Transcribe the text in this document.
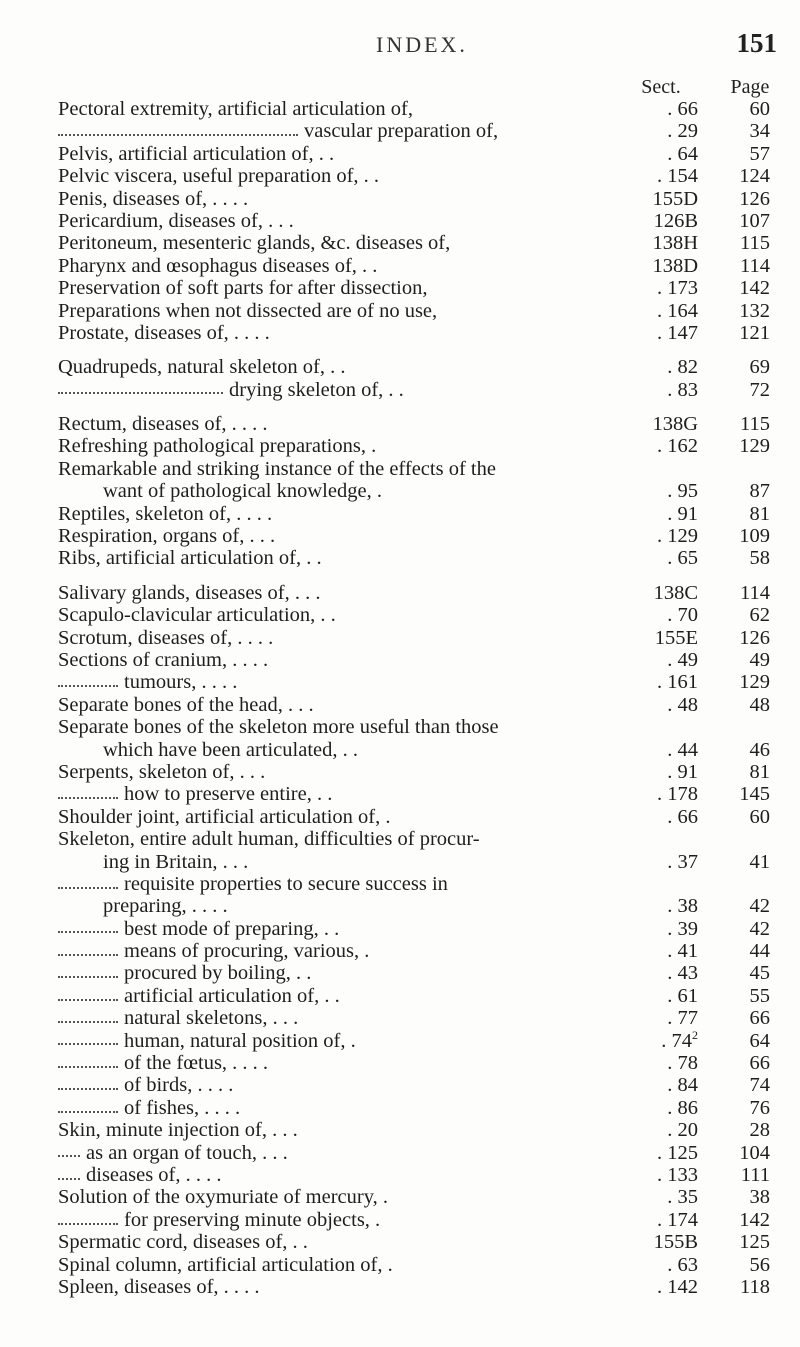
INDEX.	151
Sect.	Page
Pectoral extremity, artificial articulation of,	. 66	60
vascular preparation of,	. 29	34
Pelvis, artificial articulation of, . .	. 64	57
Pelvic viscera, useful preparation of, . .	. 154	124
Penis, diseases of, . . . .	155D	126
Pericardium, diseases of, . . .	126B	107
Peritoneum, mesenteric glands, &c. diseases of,	138H	115
Pharynx and œsophagus diseases of, . .	138D	114
Preservation of soft parts for after dissection,	. 173	142
Preparations when not dissected are of no use,	. 164	132
Prostate, diseases of, . . . .	. 147	121
Quadrupeds, natural skeleton of, . .	. 82	69
drying skeleton of, . .	. 83	72
Rectum, diseases of, . . . .	138G	115
Refreshing pathological preparations, .	. 162	129
Remarkable and striking instance of the effects of the
want of pathological knowledge, .	. 95	87
Reptiles, skeleton of, . . . .	. 91	81
Respiration, organs of, . . .	. 129	109
Ribs, artificial articulation of, . .	. 65	58
Salivary glands, diseases of, . . .	138C	114
Scapulo-clavicular articulation, . .	. 70	62
Scrotum, diseases of, . . . .	155E	126
Sections of cranium, . . . .	. 49	49
tumours, . . . .	. 161	129
Separate bones of the head, . . .	. 48	48
Separate bones of the skeleton more useful than those
which have been articulated, . .	. 44	46
Serpents, skeleton of, . . .	. 91	81
how to preserve entire, . .	. 178	145
Shoulder joint, artificial articulation of, .	. 66	60
Skeleton, entire adult human, difficulties of procur-
ing in Britain, . . .	. 37	41
requisite properties to secure success in
preparing, . . . .	. 38	42
best mode of preparing, . .	. 39	42
means of procuring, various, .	. 41	44
procured by boiling, . .	. 43	45
artificial articulation of, . .	. 61	55
natural skeletons, . . .	. 77	66
human, natural position of, .	. $74^2$	64
of the fœtus, . . . .	. 78	66
of birds, . . . .	. 84	74
of fishes, . . . .	. 86	76
Skin, minute injection of, . . .	. 20	28
as an organ of touch, . . .	. 125	104
diseases of, . . . .	. 133	111
Solution of the oxymuriate of mercury, .	. 35	38
for preserving minute objects, .	. 174	142
Spermatic cord, diseases of, . .	155B	125
Spinal column, artificial articulation of, .	. 63	56
Spleen, diseases of, . . . .	. 142	118
